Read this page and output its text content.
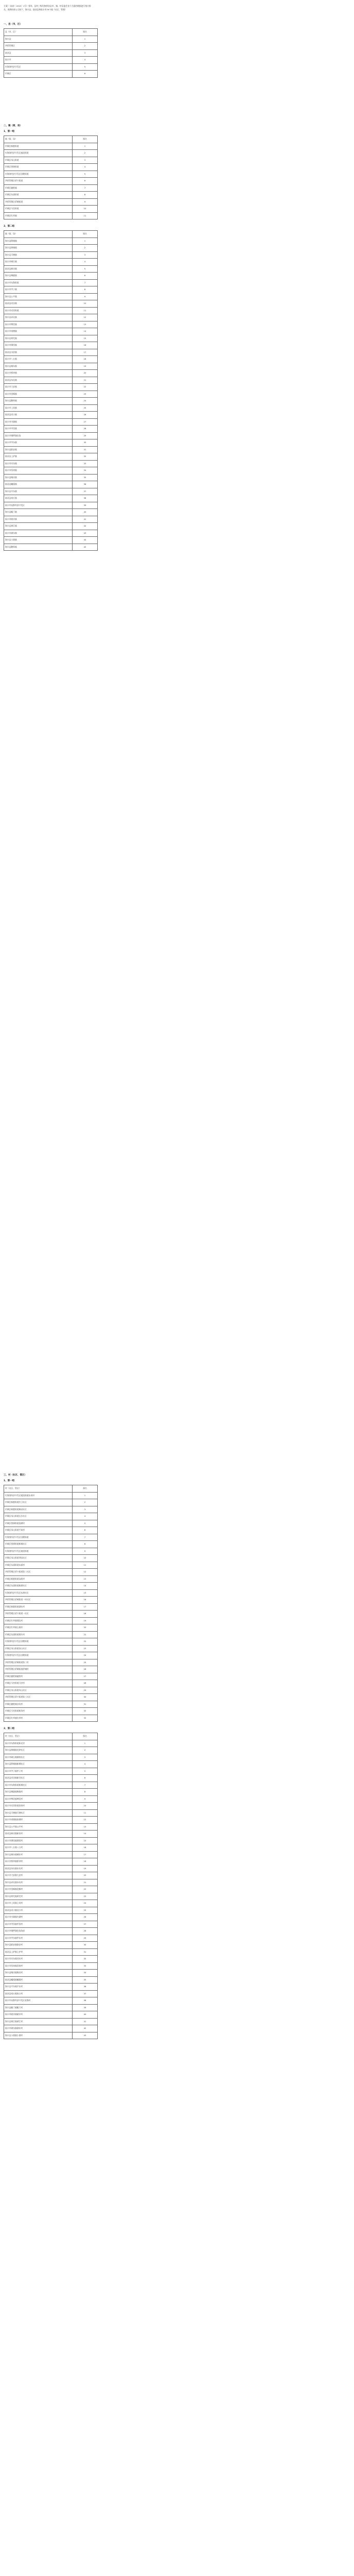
方案》（汕府〔2023〕1号）要求，县村三级均按照各县市、镇、村居委会各个方面的数据进行统计排名，现将结果公示如下，海丰县、陆河县和陆丰市76个镇（社区、管理）

一、县（市、区）
县（市、区）	排名
海丰县	1
华侨管理区	2
陆河县	3
陆丰市	4
红海湾经济开发区	5
市城区	6
二、镇（街、场）
1、第一组
镇（街、场）	排名
市城区新港街道	1
红海湾经济开发区遮浪街道	2
市城区凤山街道	3
市城区香洲街道	4
红海湾经济开发区田墘街道	5
华侨管理区侨兴街道	6
市城区捷胜镇	7
市城区东涌街道	8
华侨管理区侨城街道	9
市城区马宫街道	10
市城区红草镇	11
2、第二组
镇（街、场）	排名
海丰县附城镇	1
海丰县海城镇	2
海丰县可塘镇	3
陆丰市碣石镇	4
陆河县新田镇	5
海丰县梅陇镇	6
陆丰市东海街道	7
陆丰市甲子镇	8
海丰县公平镇	9
陆河县河田镇	10
陆丰市河西街道	11
海丰县赤坑镇	12
陆丰市博美镇	13
陆丰市南塘镇	14
海丰县黄羌镇	15
陆丰市潭西镇	16
陆河县水唇镇	17
陆丰市八万镇	18
海丰县城东镇	19
陆丰市桥冲镇	20
陆河县东坑镇	21
陆丰市大安镇	22
陆丰市金厢镇	23
海丰县鹅埠镇	24
陆丰市上英镇	25
陆河县河口镇	26
陆丰市内湖镇	27
陆丰市甲西镇	28
陆丰市铜锣湖农场	29
陆丰市甲东镇	30
海丰县联安镇	31
陆河县上护镇	32
陆丰市河东镇	33
陆丰市西南镇	34
海丰县陶河镇	35
陆河县螺溪镇	36
海丰县平东镇	37
陆河县南万镇	38
陆丰市星都经济开发区	39
海丰县鲘门镇	40
陆丰市陂洋镇	41
海丰县黄江镇	42
陆丰市湖东镇	43
海丰县小漠镇	44
海丰县鹅埠镇	45
三、村（社区、管区）
1、第一组
村（社区、管区）	排名
红海湾经济开发区遮浪街道东南村	1
市城区新港街道红卫社区	2
市城区新港街道新园社区	3
市城区凤山街道长沙社区	4
市城区香洲街道西湖村	5
市城区凤山街道平岚村	6
红海湾经济开发区田墘街道	7
市城区香洲街道新城社区	8
红海湾经济开发区遮浪街道	9
市城区凤山街道翠园社区	10
市城区东涌街道东涌村	11
华侨管理区侨兴街道第二社区	12
市城区新港街道汕尾村	13
市城区东涌街道新湖社区	14
红海湾经济开发区东洲社区	15
华侨管理区侨城街道一村社区	16
市城区新港街道湖东村	17
华侨管理区侨兴街道一社区	18
市城区红草镇埔边村	19
市城区红草镇玉燕村	20
市城区东涌街道墩头村	21
红海湾经济开发区田墘街道	22
市城区凤山街道奎山社区	23
红海湾经济开发区田墘街道	24
华侨管理区侨城街道第二村	25
华侨管理区侨城街道侨城村	26
市城区捷胜镇捷胜村	27
市城区马宫街道马宫村	28
市城区凤山街道凤山社区	29
华侨管理区侨兴街道第三社区	30
市城区捷胜镇沙坑村	31
市城区马宫街道新沟村	32
市城区红草镇红草村	33
2、第二组
村（社区、管区）	排名
陆丰市东海街道新光村	1
海丰县海城镇龙津社区	2
陆丰市碣石镇城南社区	3
海丰县附城镇新城社区	4
陆丰市甲子镇甲子村	5
陆河县河田镇新河社区	6
陆丰市东海街道新城社区	7
海丰县梅陇镇梅陇村	8
陆丰市博美镇博美村	9
陆丰市河西街道西南村	10
海丰县可塘镇可塘社区	11
陆丰市南塘镇南塘村	12
海丰县公平镇公平村	13
陆河县新田镇新田村	14
陆丰市潭西镇潭西村	15
陆丰市八万镇八万村	16
海丰县城东镇城东村	17
陆丰市桥冲镇桥冲村	18
陆河县东坑镇东坑村	19
陆丰市大安镇大安村	20
海丰县赤坑镇赤坑村	21
陆丰市金厢镇金厢村	22
海丰县黄羌镇黄羌村	23
陆丰市上英镇上英村	24
陆河县河口镇河口村	25
陆丰市内湖镇内湖村	26
陆丰市甲西镇甲西村	27
陆丰市铜锣湖农场场部	28
陆丰市甲东镇甲东村	29
海丰县联安镇联安村	30
陆河县上护镇上护村	31
陆丰市河东镇河东村	32
陆丰市西南镇西南村	33
海丰县陶河镇陶河村	34
陆河县螺溪镇螺溪村	35
海丰县平东镇平东村	36
陆河县南万镇南万村	37
陆丰市星都经济开发区星都村	38
海丰县鲘门镇鲘门村	39
陆丰市陂洋镇陂洋村	40
海丰县黄江镇黄江村	41
陆丰市湖东镇湖东村	42
海丰县小漠镇小漠村	43
